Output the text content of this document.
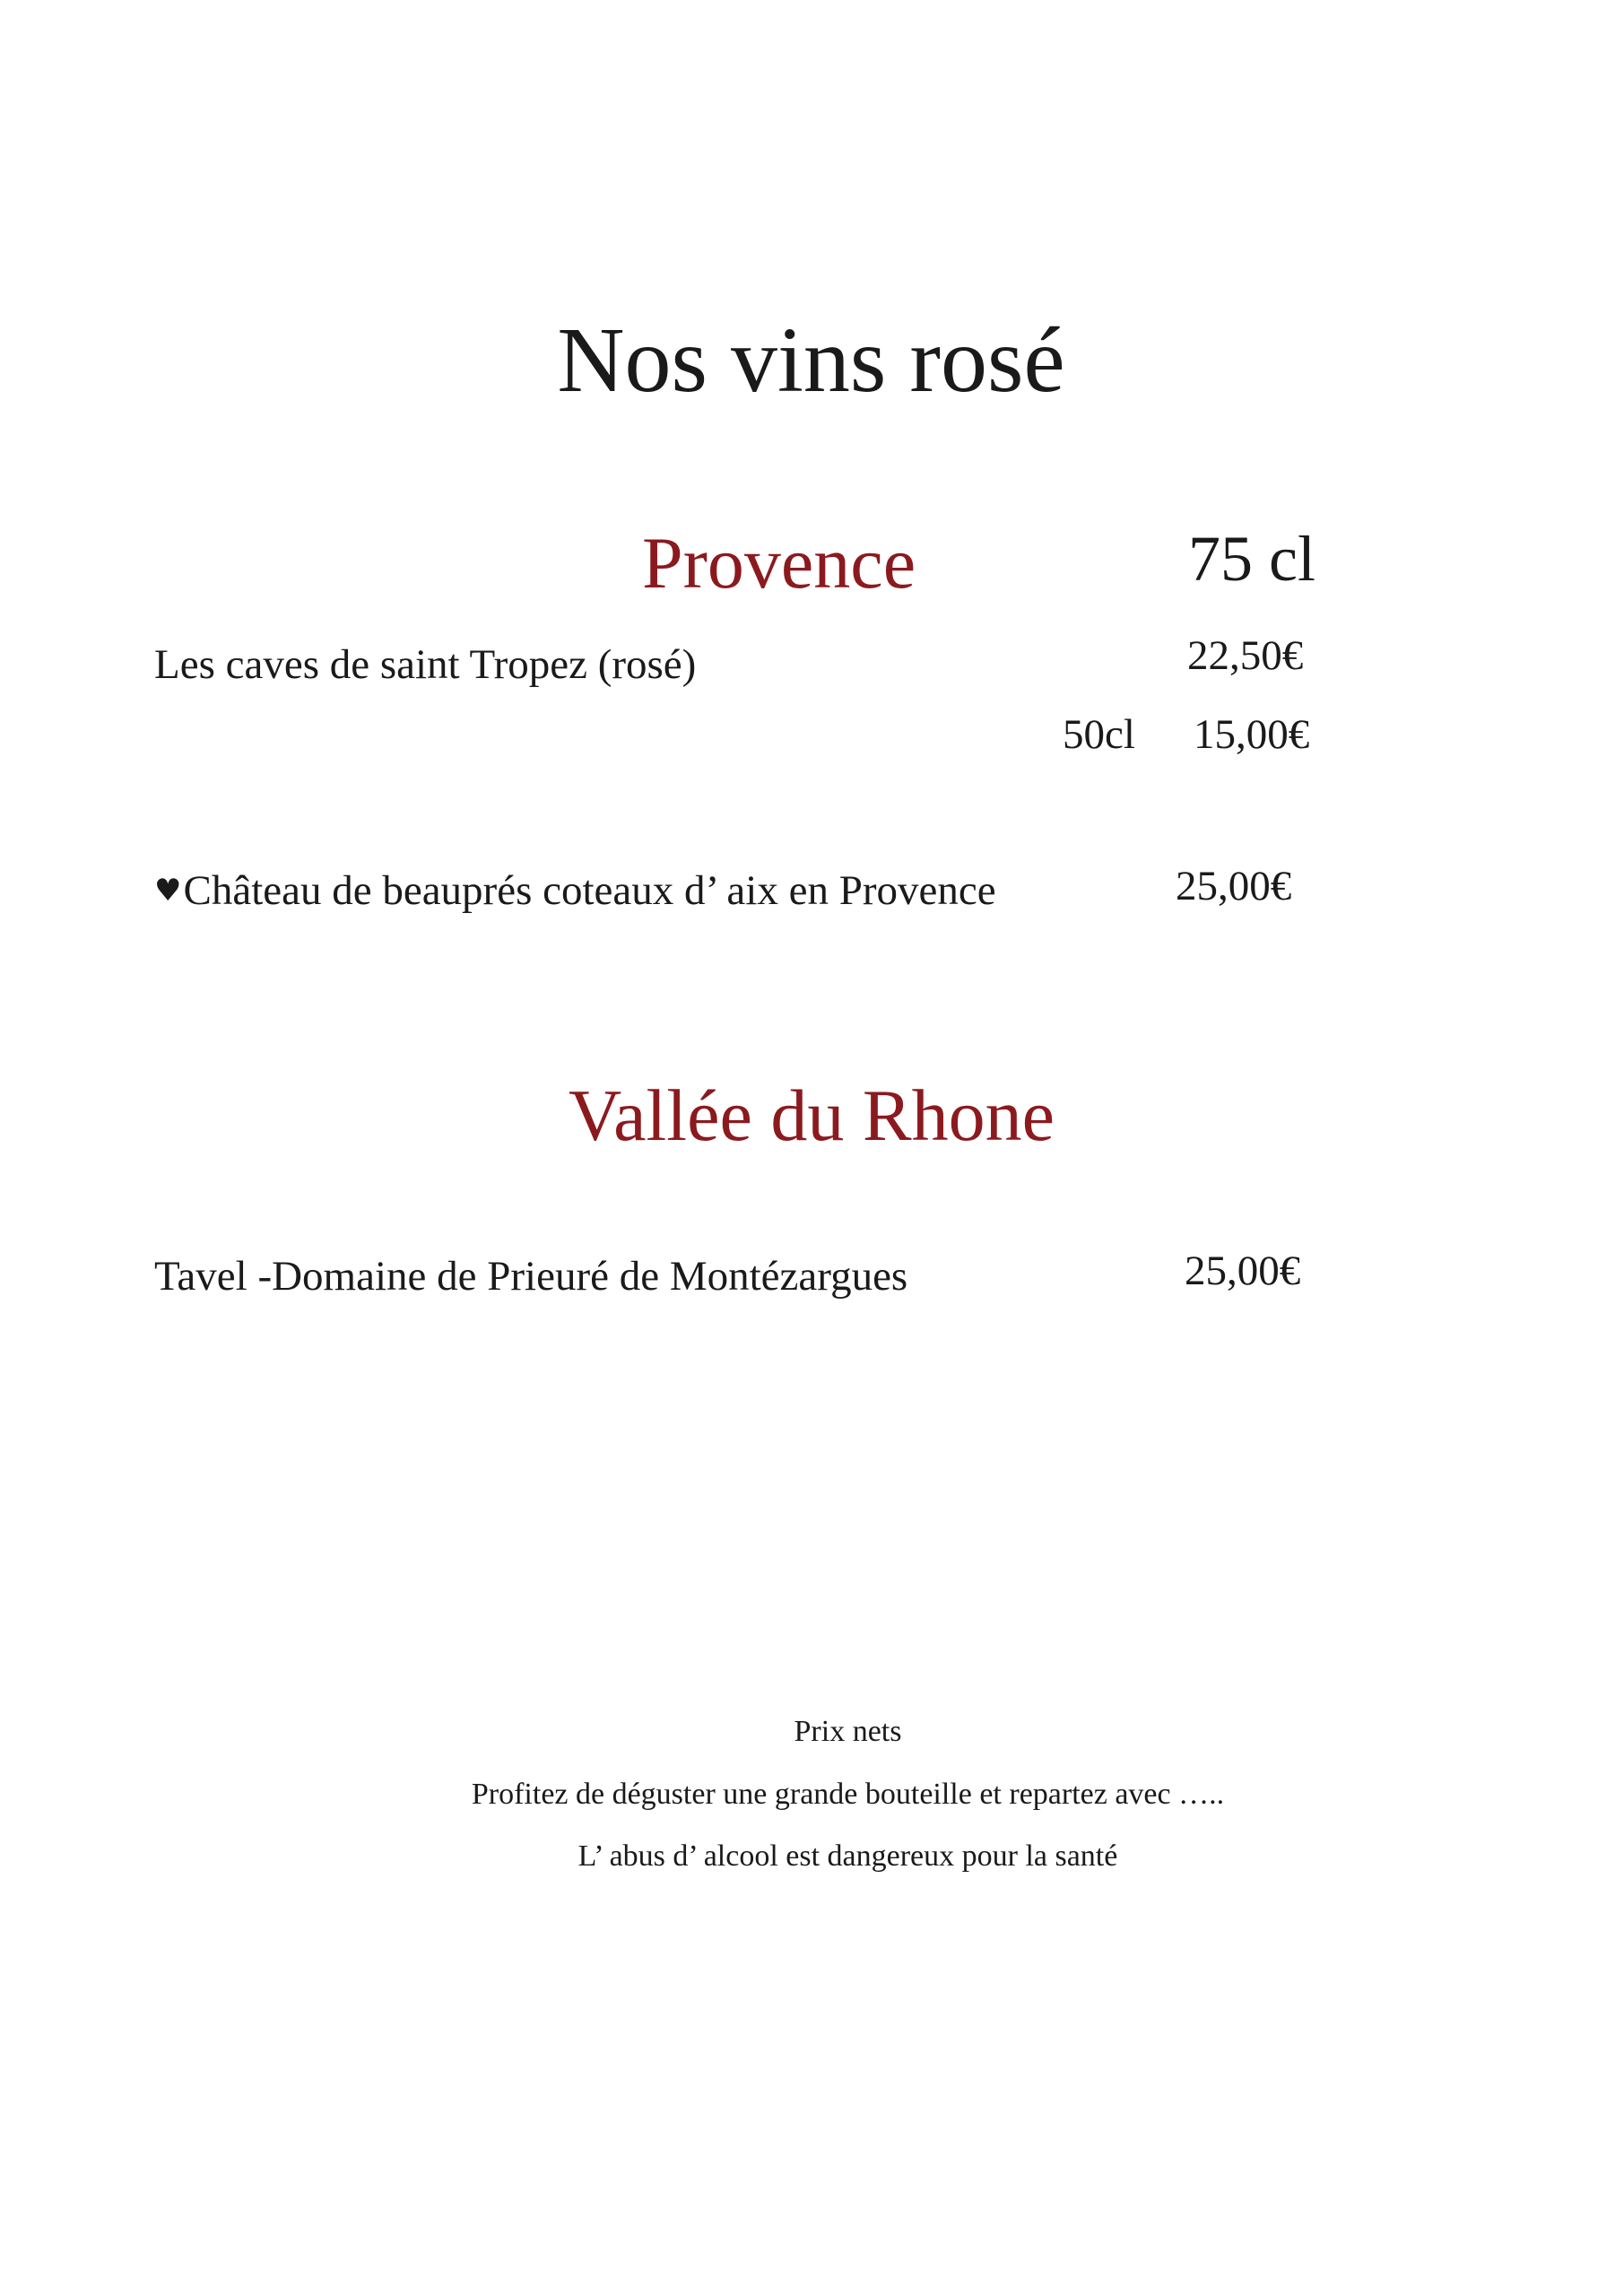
Nos vins rosé
Provence	75 cl
Les caves de saint Tropez (rosé)	22,50€
50cl 15,00€
♥Château de beauprés coteaux d’ aix en Provence	25,00€
Vallée du Rhone
Tavel -Domaine de Prieuré de Montézargues	25,00€
Prix nets
Profitez de déguster une grande bouteille et repartez avec …..
L’ abus d’ alcool est dangereux pour la santé
